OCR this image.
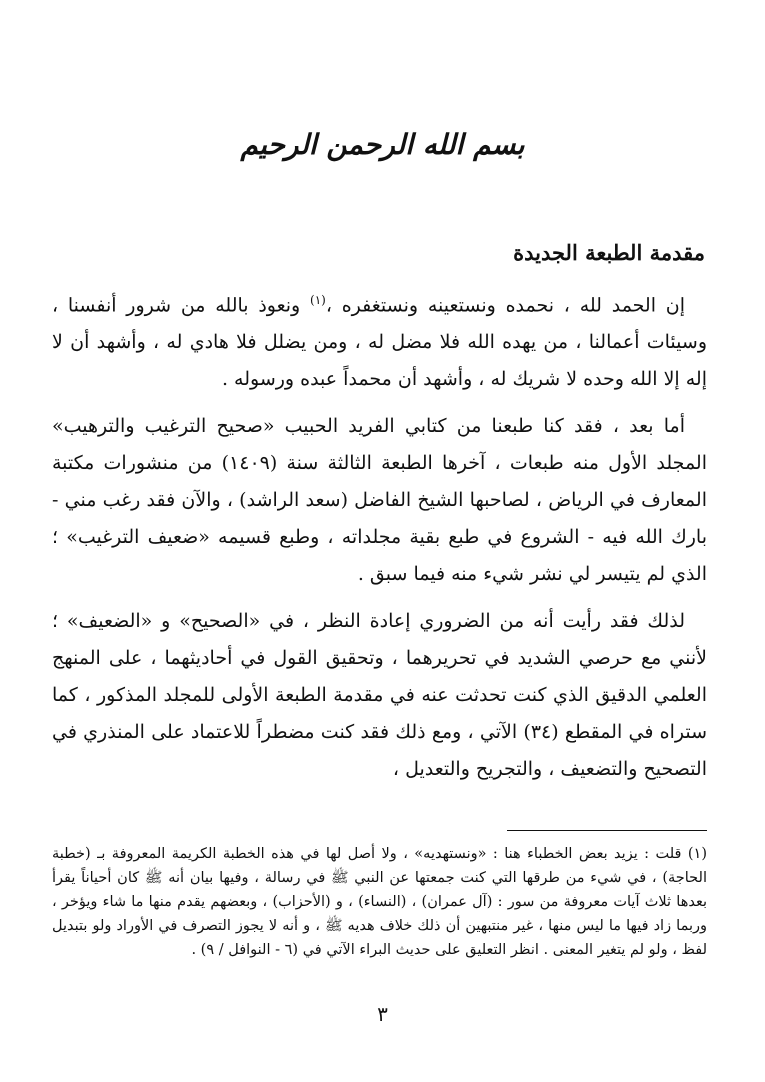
بسم الله الرحمن الرحيم
مقدمة الطبعة الجديدة

إن الحمد لله ، نحمده ونستعينه ونستغفره ،$^{(١)}$ ونعوذ بالله من شرور أنفسنا ، وسيئات أعمالنا ، من يهده الله فلا مضل له ، ومن يضلل فلا هادي له ، وأشهد أن لا إله إلا الله وحده لا شريك له ، وأشهد أن محمداً عبده ورسوله .

أما بعد ، فقد كنا طبعنا من كتابي الفريد الحبيب «صحيح الترغيب والترهيب» المجلد الأول منه طبعات ، آخرها الطبعة الثالثة سنة (١٤٠٩) من منشورات مكتبة المعارف في الرياض ، لصاحبها الشيخ الفاضل (سعد الراشد) ، والآن فقد رغب مني - بارك الله فيه - الشروع في طبع بقية مجلداته ، وطبع قسيمه «ضعيف الترغيب» ؛ الذي لم يتيسر لي نشر شيء منه فيما سبق .

لذلك فقد رأيت أنه من الضروري إعادة النظر ، في «الصحيح» و «الضعيف» ؛ لأنني مع حرصي الشديد في تحريرهما ، وتحقيق القول في أحاديثهما ، على المنهج العلمي الدقيق الذي كنت تحدثت عنه في مقدمة الطبعة الأولى للمجلد المذكور ، كما ستراه في المقطع (٣٤) الآتي ، ومع ذلك فقد كنت مضطراً للاعتماد على المنذري في التصحيح والتضعيف ، والتجريح والتعديل ،

(١) قلت : يزيد بعض الخطباء هنا : «ونستهديه» ، ولا أصل لها في هذه الخطبة الكريمة المعروفة بـ (خطبة الحاجة) ، في شيء من طرقها التي كنت جمعتها عن النبي ﷺ في رسالة ، وفيها بيان أنه ﷺ كان أحياناً يقرأ بعدها ثلاث آيات معروفة من سور : (آل عمران) ، (النساء) ، و (الأحزاب) ، وبعضهم يقدم منها ما شاء ويؤخر ، وربما زاد فيها ما ليس منها ، غير منتبهين أن ذلك خلاف هديه ﷺ ، و أنه لا يجوز التصرف في الأوراد ولو بتبديل لفظ ، ولو لم يتغير المعنى . انظر التعليق على حديث البراء الآتي في (٦ - النوافل / ٩) .
٣
